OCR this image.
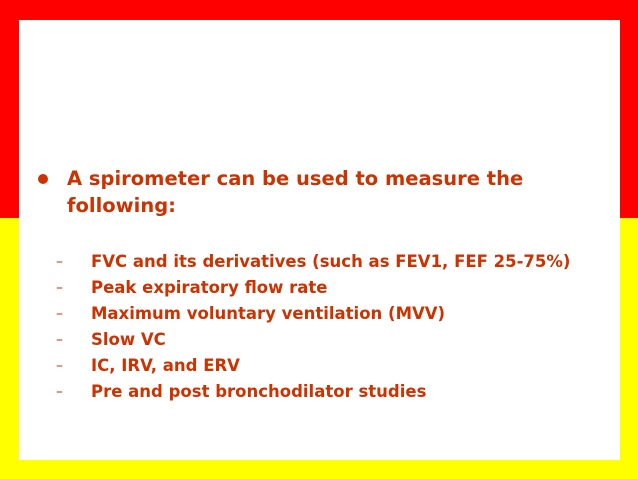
A spirometer can be used to measure the following:
– FVC and its derivatives (such as FEV1, FEF 25-75%)
– Peak expiratory flow rate
– Maximum voluntary ventilation (MVV)
– Slow VC
– IC, IRV, and ERV
– Pre and post bronchodilator studies
